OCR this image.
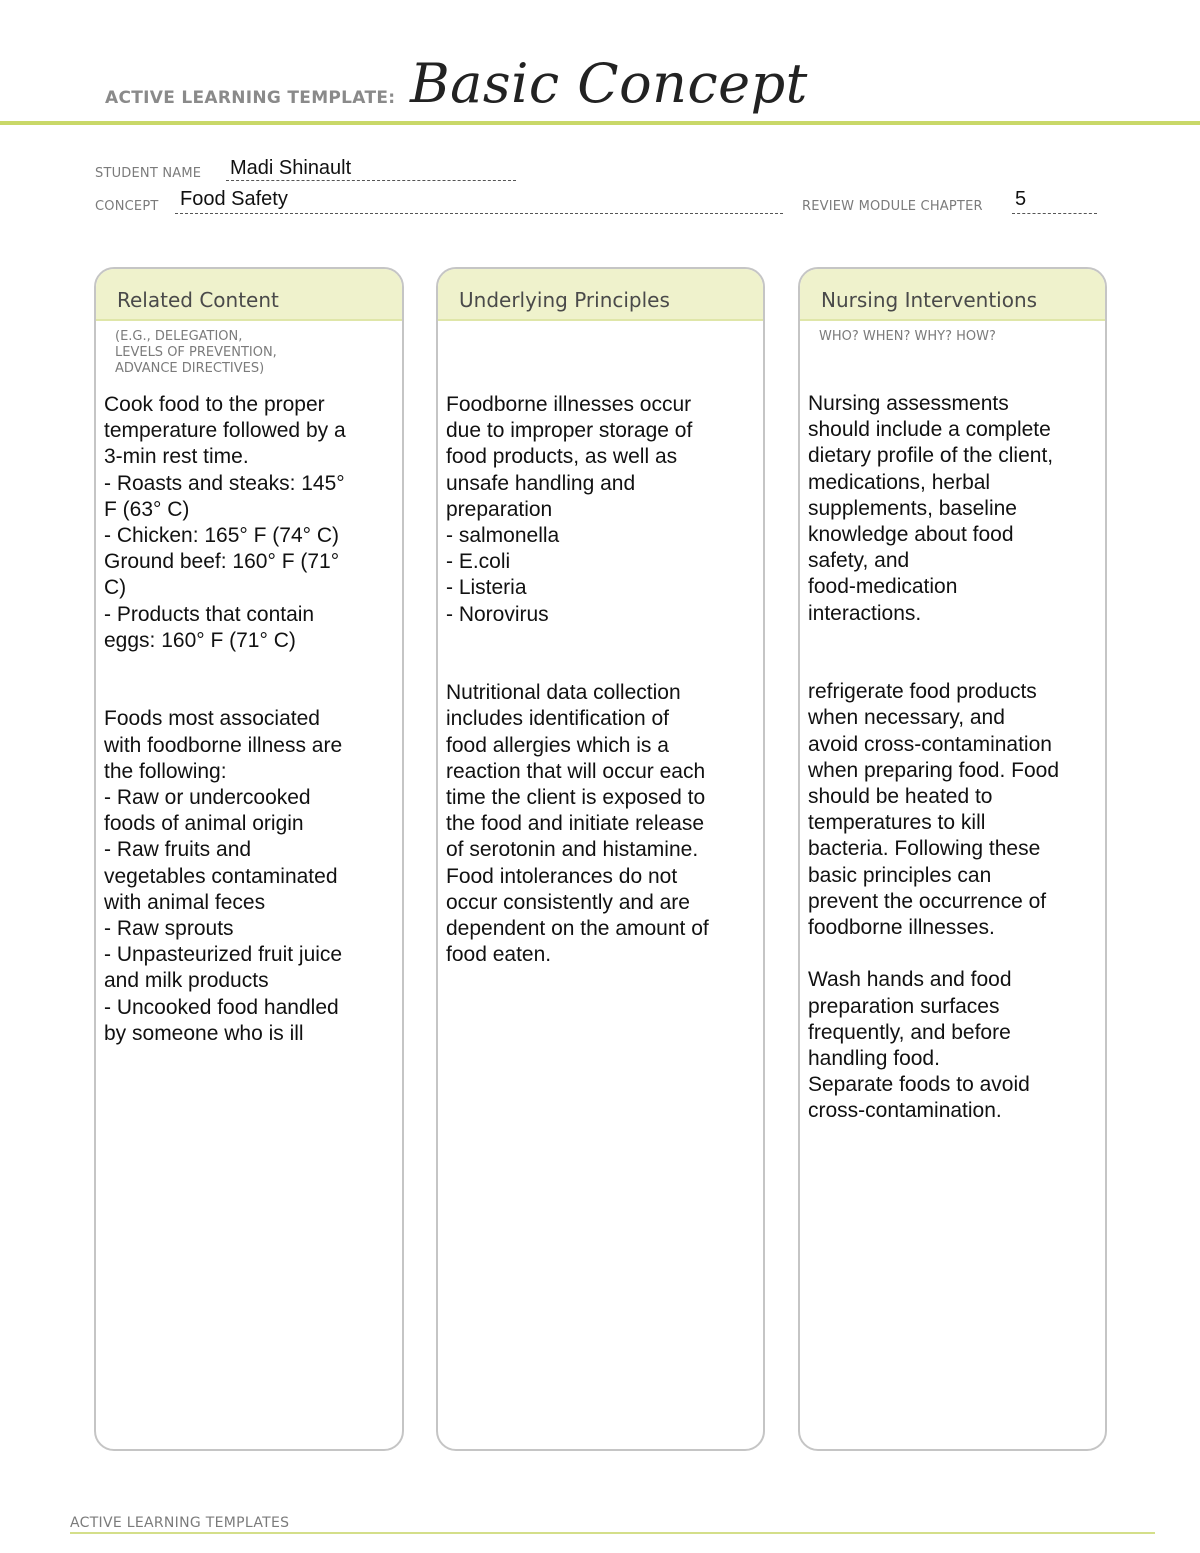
ACTIVE LEARNING TEMPLATE: Basic Concept
STUDENT NAME Madi Shinault
CONCEPT Food Safety	REVIEW MODULE CHAPTER 5
Related Content
(E.G., DELEGATION,
LEVELS OF PREVENTION,
ADVANCE DIRECTIVES)
Cook food to the proper
temperature followed by a
3-min rest time.
- Roasts and steaks: 145°
F (63° C)
- Chicken: 165° F (74° C)
Ground beef: 160° F (71°
C)
- Products that contain
eggs: 160° F (71° C)

Foods most associated
with foodborne illness are
the following:
- Raw or undercooked
foods of animal origin
- Raw fruits and
vegetables contaminated
with animal feces
- Raw sprouts
- Unpasteurized fruit juice
and milk products
- Uncooked food handled
by someone who is ill
Underlying Principles
Foodborne illnesses occur
due to improper storage of
food products, as well as
unsafe handling and
preparation
- salmonella
- E.coli
- Listeria
- Norovirus

Nutritional data collection
includes identification of
food allergies which is a
reaction that will occur each
time the client is exposed to
the food and initiate release
of serotonin and histamine.
Food intolerances do not
occur consistently and are
dependent on the amount of
food eaten.
Nursing Interventions
WHO? WHEN? WHY? HOW?
Nursing assessments
should include a complete
dietary profile of the client,
medications, herbal
supplements, baseline
knowledge about food
safety, and
food-medication
interactions.

refrigerate food products
when necessary, and
avoid cross-contamination
when preparing food. Food
should be heated to
temperatures to kill
bacteria. Following these
basic principles can
prevent the occurrence of
foodborne illnesses.

Wash hands and food
preparation surfaces
frequently, and before
handling food.
Separate foods to avoid
cross-contamination.
ACTIVE LEARNING TEMPLATES
